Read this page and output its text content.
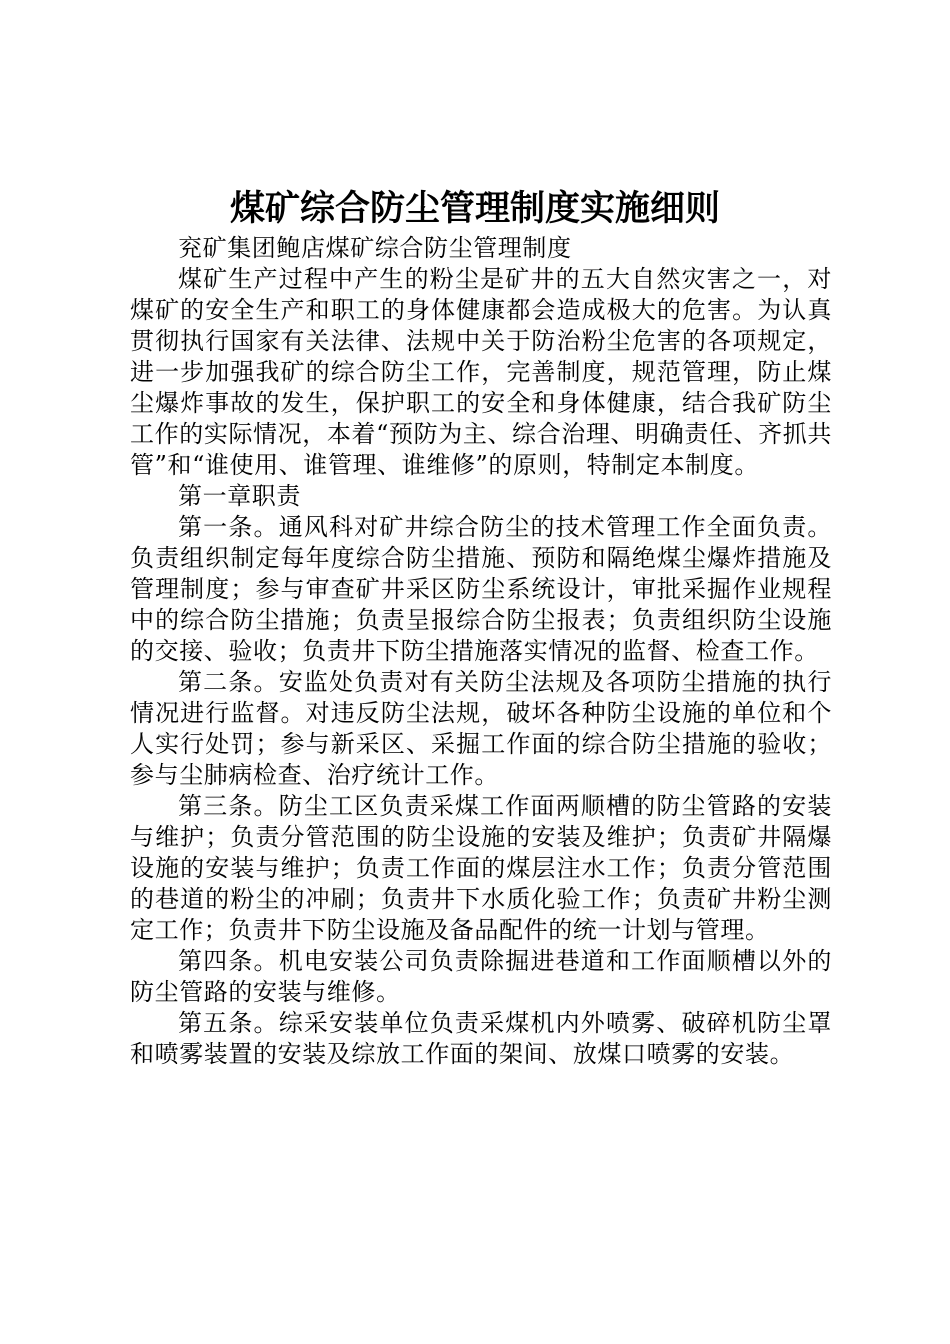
煤矿综合防尘管理制度实施细则

兖矿集团鲍店煤矿综合防尘管理制度

煤矿生产过程中产生的粉尘是矿井的五大自然灾害之一，对煤矿的安全生产和职工的身体健康都会造成极大的危害。为认真贯彻执行国家有关法律、法规中关于防治粉尘危害的各项规定，进一步加强我矿的综合防尘工作，完善制度，规范管理，防止煤尘爆炸事故的发生，保护职工的安全和身体健康，结合我矿防尘工作的实际情况，本着“预防为主、综合治理、明确责任、齐抓共管”和“谁使用、谁管理、谁维修”的原则，特制定本制度。

第一章职责

第一条。通风科对矿井综合防尘的技术管理工作全面负责。负责组织制定每年度综合防尘措施、预防和隔绝煤尘爆炸措施及管理制度；参与审查矿井采区防尘系统设计，审批采掘作业规程中的综合防尘措施；负责呈报综合防尘报表；负责组织防尘设施的交接、验收；负责井下防尘措施落实情况的监督、检查工作。

第二条。安监处负责对有关防尘法规及各项防尘措施的执行情况进行监督。对违反防尘法规，破坏各种防尘设施的单位和个人实行处罚；参与新采区、采掘工作面的综合防尘措施的验收；参与尘肺病检查、治疗统计工作。

第三条。防尘工区负责采煤工作面两顺槽的防尘管路的安装与维护；负责分管范围的防尘设施的安装及维护；负责矿井隔爆设施的安装与维护；负责工作面的煤层注水工作；负责分管范围的巷道的粉尘的冲刷；负责井下水质化验工作；负责矿井粉尘测定工作；负责井下防尘设施及备品配件的统一计划与管理。

第四条。机电安装公司负责除掘进巷道和工作面顺槽以外的防尘管路的安装与维修。

第五条。综采安装单位负责采煤机内外喷雾、破碎机防尘罩和喷雾装置的安装及综放工作面的架间、放煤口喷雾的安装。
